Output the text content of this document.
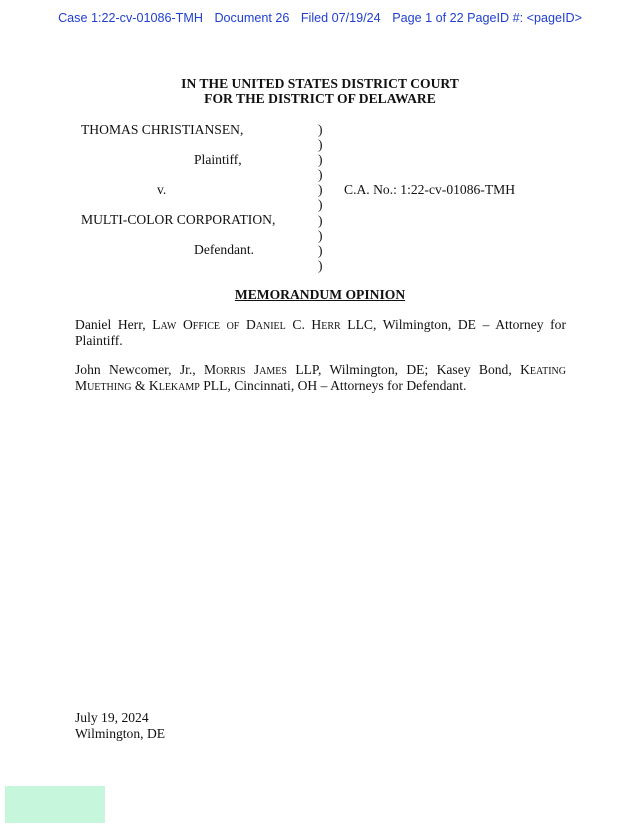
Case 1:22-cv-01086-TMH Document 26 Filed 07/19/24 Page 1 of 22 PageID #: <pageID>
IN THE UNITED STATES DISTRICT COURT
FOR THE DISTRICT OF DELAWARE
THOMAS CHRISTIANSEN,
Plaintiff,
v.
MULTI-COLOR CORPORATION,
Defendant.
C.A. No.: 1:22-cv-01086-TMH
)
)
)
)
)
)
)
)
)
)
MEMORANDUM OPINION
Daniel Herr, Law Office of Daniel C. Herr LLC, Wilmington, DE – Attorney for Plaintiff.
John Newcomer, Jr., Morris James LLP, Wilmington, DE; Kasey Bond, Keating Muething & Klekamp PLL, Cincinnati, OH – Attorneys for Defendant.
July 19, 2024
Wilmington, DE
